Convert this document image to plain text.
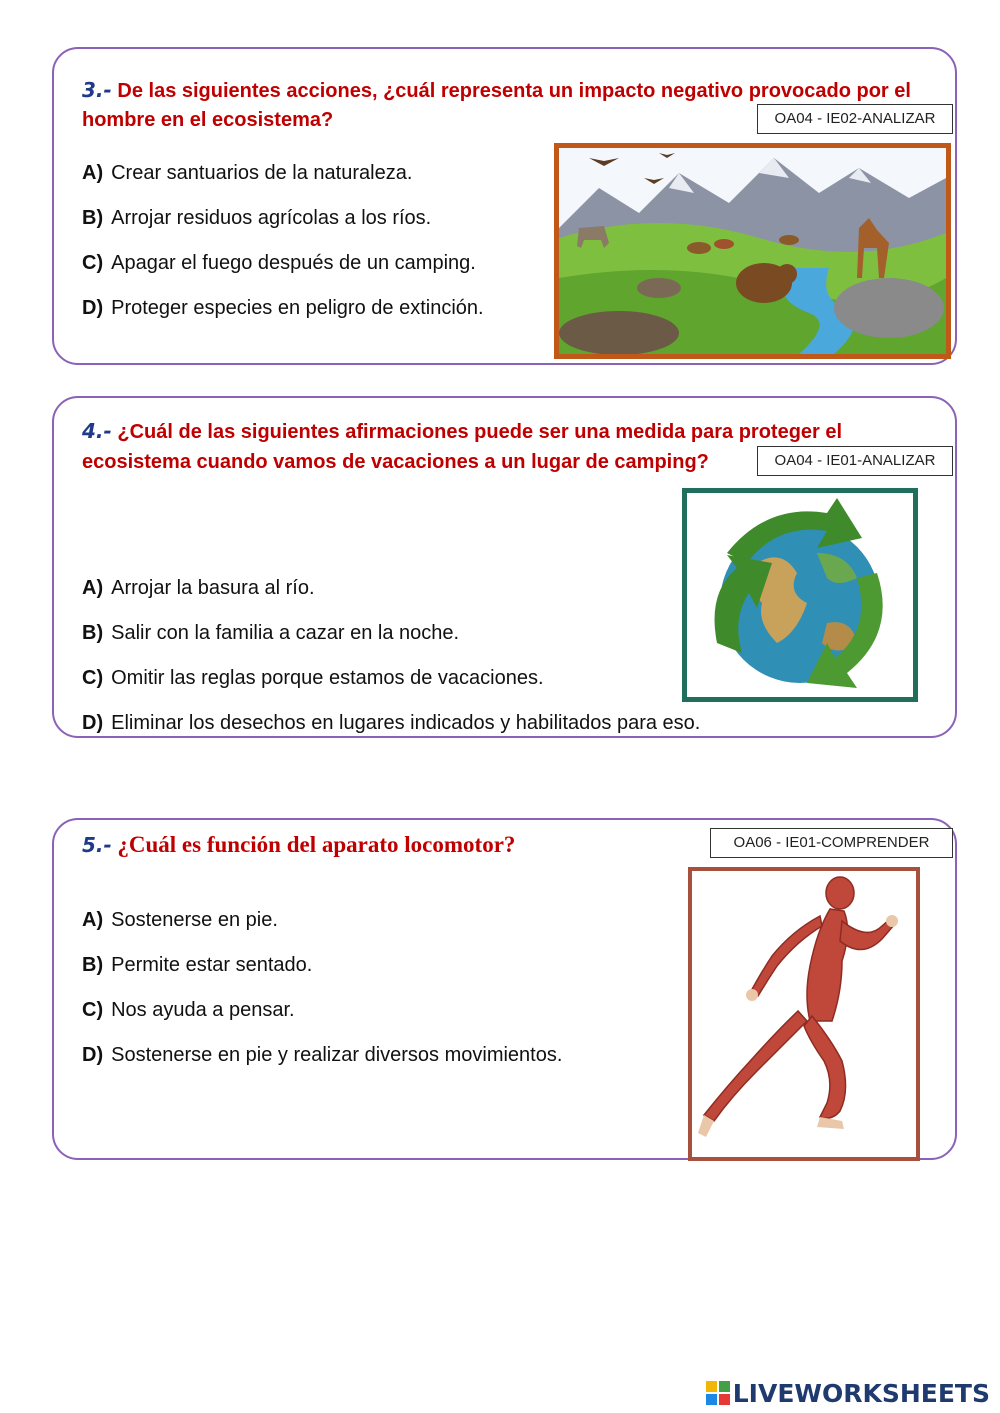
3.- De las siguientes acciones, ¿cuál representa un impacto negativo provocado por el
hombre en el ecosistema?	OA04 - IE02-ANALIZAR
A) Crear santuarios de la naturaleza.
B) Arrojar residuos agrícolas a los ríos.
C) Apagar el fuego después de un camping.
D) Proteger especies en peligro de extinción.
4.- ¿Cuál de las siguientes afirmaciones puede ser una medida para proteger el
ecosistema cuando vamos de vacaciones a un lugar de camping?	OA04 - IE01-ANALIZAR
A) Arrojar la basura al río.
B) Salir con la familia a cazar en la noche.
C) Omitir las reglas porque estamos de vacaciones.
D) Eliminar los desechos en lugares indicados y habilitados para eso.
5.- ¿Cuál es función del aparato locomotor?	OA06 - IE01-COMPRENDER
A) Sostenerse en pie.
B) Permite estar sentado.
C) Nos ayuda a pensar.
D) Sostenerse en pie y realizar diversos movimientos.
LIVEWORKSHEETS
